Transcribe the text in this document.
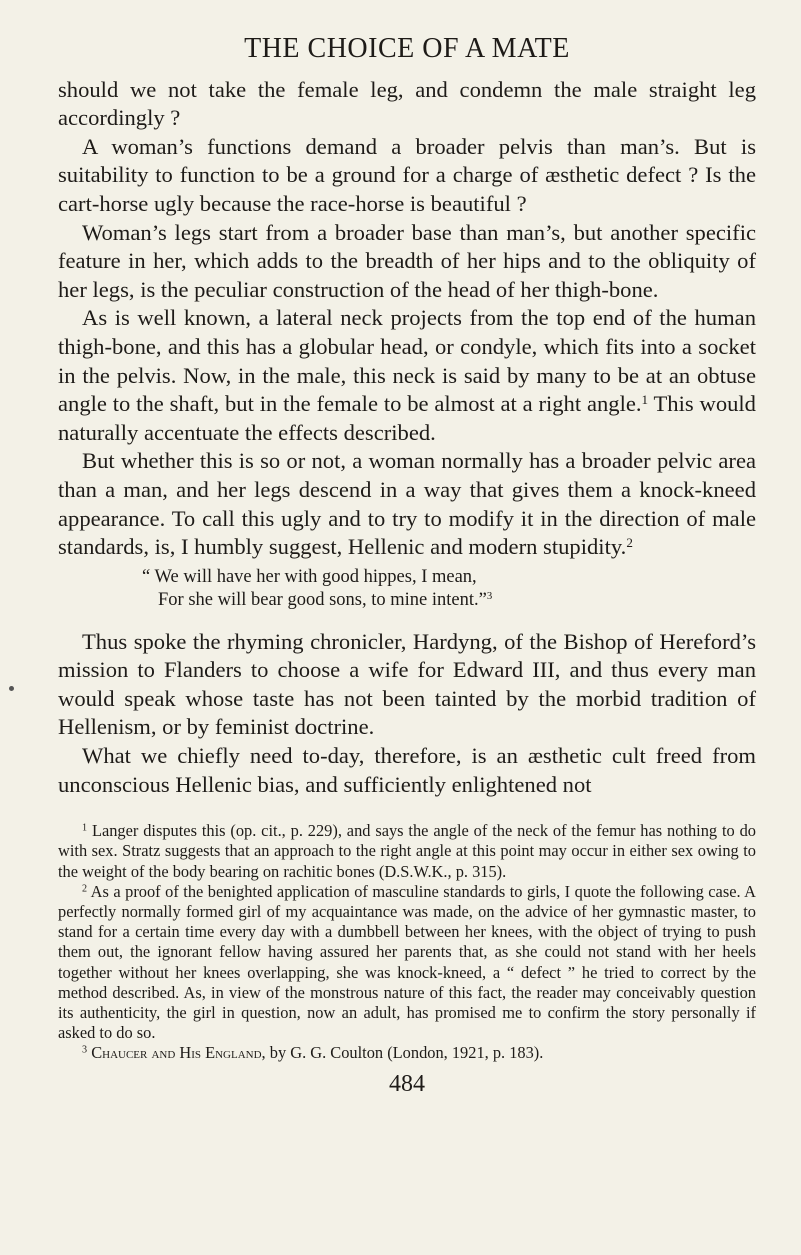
THE CHOICE OF A MATE

should we not take the female leg, and condemn the male straight leg accordingly ?

A woman’s functions demand a broader pelvis than man’s. But is suitability to function to be a ground for a charge of æsthetic defect ? Is the cart-horse ugly because the race-horse is beautiful ?

Woman’s legs start from a broader base than man’s, but another specific feature in her, which adds to the breadth of her hips and to the obliquity of her legs, is the peculiar construction of the head of her thigh-bone.

As is well known, a lateral neck projects from the top end of the human thigh-bone, and this has a globular head, or condyle, which fits into a socket in the pelvis. Now, in the male, this neck is said by many to be at an obtuse angle to the shaft, but in the female to be almost at a right angle.$^1$ This would naturally accentuate the effects described.

But whether this is so or not, a woman normally has a broader pelvic area than a man, and her legs descend in a way that gives them a knock-kneed appearance. To call this ugly and to try to modify it in the direction of male standards, is, I humbly suggest, Hellenic and modern stupidity.$^2$

“ We will have her with good hippes, I mean,
For she will bear good sons, to mine intent.”$^3$

Thus spoke the rhyming chronicler, Hardyng, of the Bishop of Hereford’s mission to Flanders to choose a wife for Edward III, and thus every man would speak whose taste has not been tainted by the morbid tradition of Hellenism, or by feminist doctrine.

What we chiefly need to-day, therefore, is an æsthetic cult freed from unconscious Hellenic bias, and sufficiently enlightened not

$^1$ Langer disputes this (op. cit., p. 229), and says the angle of the neck of the femur has nothing to do with sex. Stratz suggests that an approach to the right angle at this point may occur in either sex owing to the weight of the body bearing on rachitic bones (D.S.W.K., p. 315).

$^2$ As a proof of the benighted application of masculine standards to girls, I quote the following case. A perfectly normally formed girl of my acquaintance was made, on the advice of her gymnastic master, to stand for a certain time every day with a dumbbell between her knees, with the object of trying to push them out, the ignorant fellow having assured her parents that, as she could not stand with her heels together without her knees overlapping, she was knock-kneed, a “ defect ” he tried to correct by the method described. As, in view of the monstrous nature of this fact, the reader may conceivably question its authenticity, the girl in question, now an adult, has promised me to confirm the story personally if asked to do so.

$^3$ Chaucer and His England, by G. G. Coulton (London, 1921, p. 183).

484
